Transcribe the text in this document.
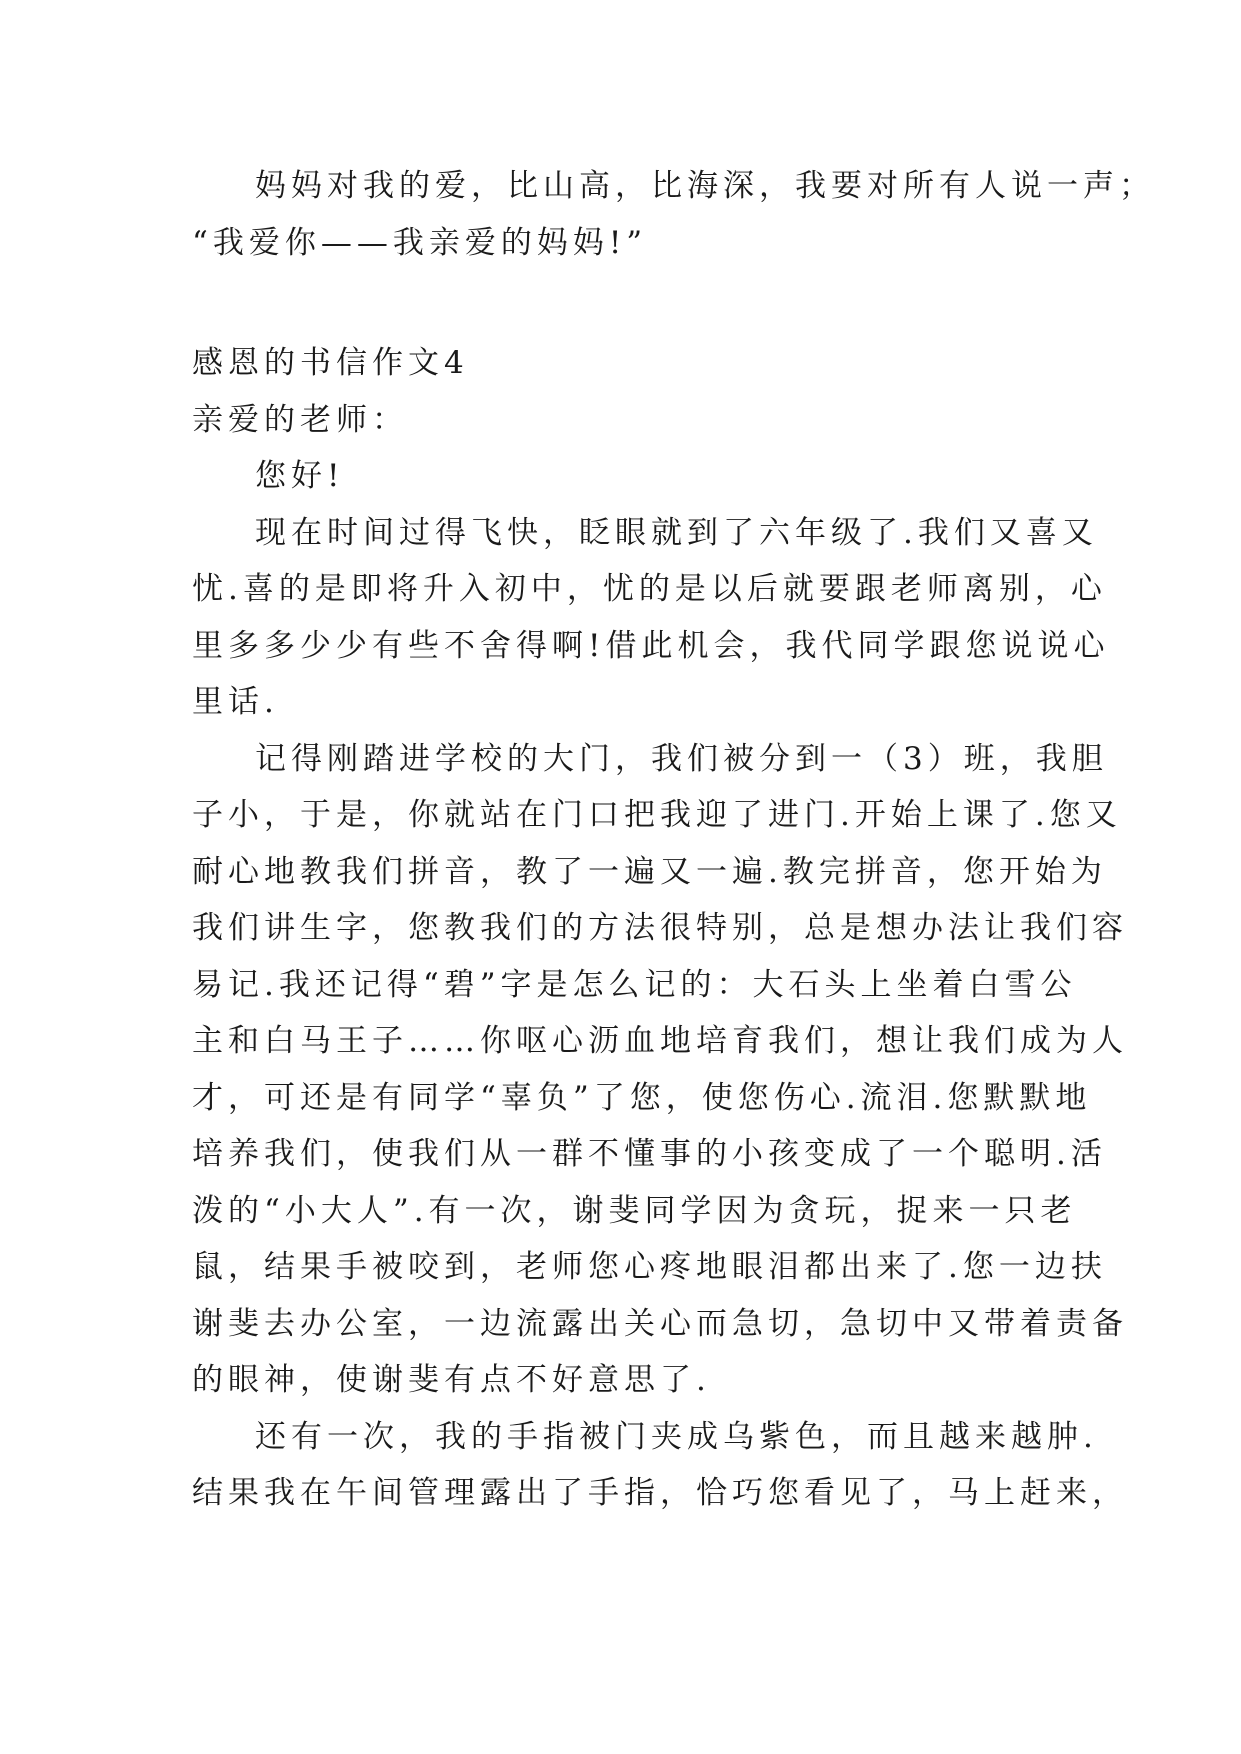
妈妈对我的爱，比山高，比海深，我要对所有人说一声；

“我爱你——我亲爱的妈妈!”

感恩的书信作文4

亲爱的老师：

您好!

现在时间过得飞快，眨眼就到了六年级了.我们又喜又

忧.喜的是即将升入初中，忧的是以后就要跟老师离别，心

里多多少少有些不舍得啊!借此机会，我代同学跟您说说心

里话.

记得刚踏进学校的大门，我们被分到一（3）班，我胆

子小，于是，你就站在门口把我迎了进门.开始上课了.您又

耐心地教我们拼音，教了一遍又一遍.教完拼音，您开始为

我们讲生字，您教我们的方法很特别，总是想办法让我们容

易记.我还记得“碧”字是怎么记的：大石头上坐着白雪公

主和白马王子……你呕心沥血地培育我们，想让我们成为人

才，可还是有同学“辜负”了您，使您伤心.流泪.您默默地

培养我们，使我们从一群不懂事的小孩变成了一个聪明.活

泼的“小大人”.有一次，谢斐同学因为贪玩，捉来一只老

鼠，结果手被咬到，老师您心疼地眼泪都出来了.您一边扶

谢斐去办公室，一边流露出关心而急切，急切中又带着责备

的眼神，使谢斐有点不好意思了.

还有一次，我的手指被门夹成乌紫色，而且越来越肿.

结果我在午间管理露出了手指，恰巧您看见了，马上赶来，
